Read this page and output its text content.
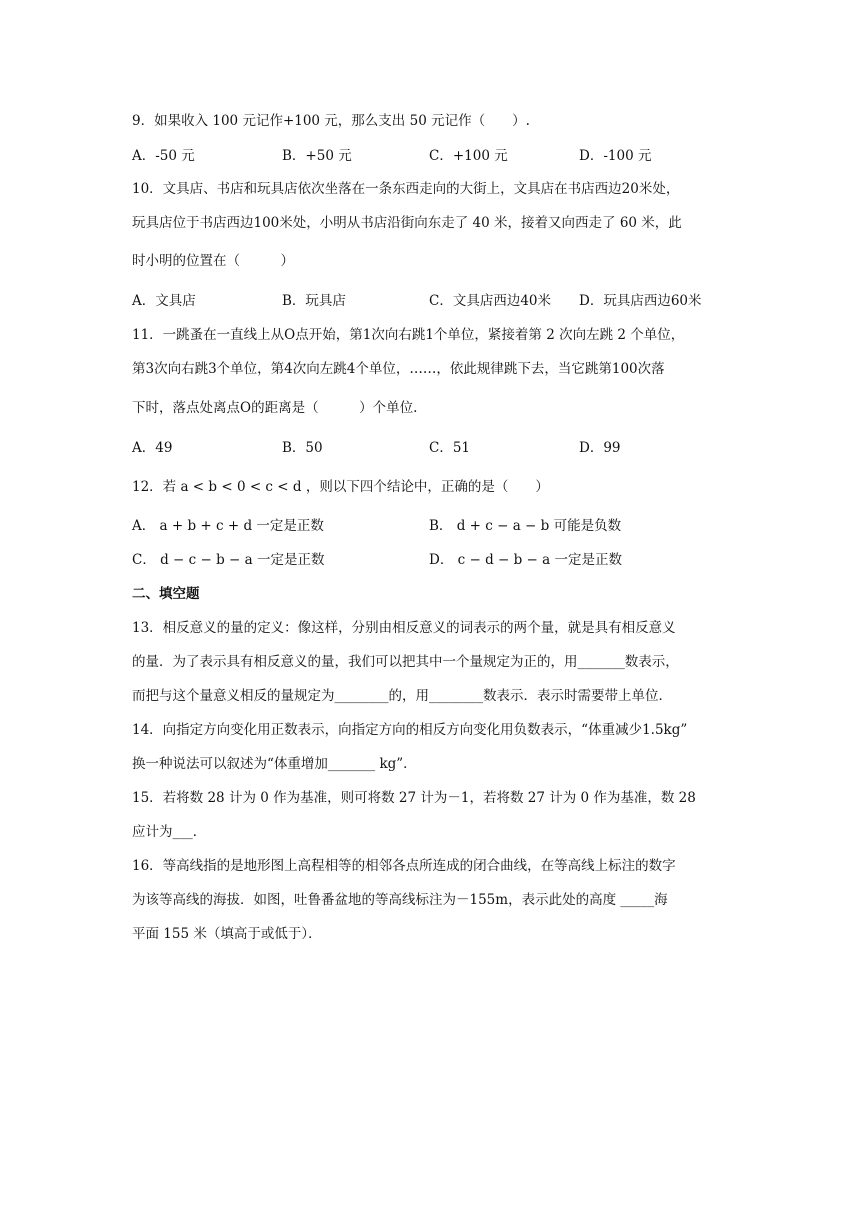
9．如果收入 100 元记作+100 元，那么支出 50 元记作（　　）.
A．-50 元	B．+50 元	C．+100 元	D．-100 元
10．文具店、书店和玩具店依次坐落在一条东西走向的大街上，文具店在书店西边20米处，
玩具店位于书店西边100米处，小明从书店沿街向东走了 40 米，接着又向西走了 60 米，此
时小明的位置在（　　　）
A．文具店	B．玩具店	C．文具店西边40米 D．玩具店西边60米
11．一跳蚤在一直线上从O点开始，第1次向右跳1个单位，紧接着第 2 次向左跳 2 个单位，
第3次向右跳3个单位，第4次向左跳4个单位，……，依此规律跳下去，当它跳第100次落
下时，落点处离点O的距离是（　　　）个单位.
A．49	B．50	C．51	D．99
12．若 a < b < 0 < c < d ，则以下四个结论中，正确的是（　　）
A． a + b + c + d 一定是正数	B． d + c − a − b 可能是负数
C． d − c − b − a 一定是正数	D． c − d − b − a 一定是正数
二、填空题
13．相反意义的量的定义：像这样，分别由相反意义的词表示的两个量，就是具有相反意义
的量．为了表示具有相反意义的量，我们可以把其中一个量规定为正的，用_______数表示，
而把与这个量意义相反的量规定为________的，用________数表示．表示时需要带上单位．
14．向指定方向变化用正数表示，向指定方向的相反方向变化用负数表示，“体重减少1.5kg”
换一种说法可以叙述为“体重增加_______ kg”．
15．若将数 28 计为 0 作为基准，则可将数 27 计为－1，若将数 27 计为 0 作为基准，数 28
应计为___．
16．等高线指的是地形图上高程相等的相邻各点所连成的闭合曲线，在等高线上标注的数字
为该等高线的海拔．如图，吐鲁番盆地的等高线标注为－155m，表示此处的高度 _____海
平面 155 米（填高于或低于）．
